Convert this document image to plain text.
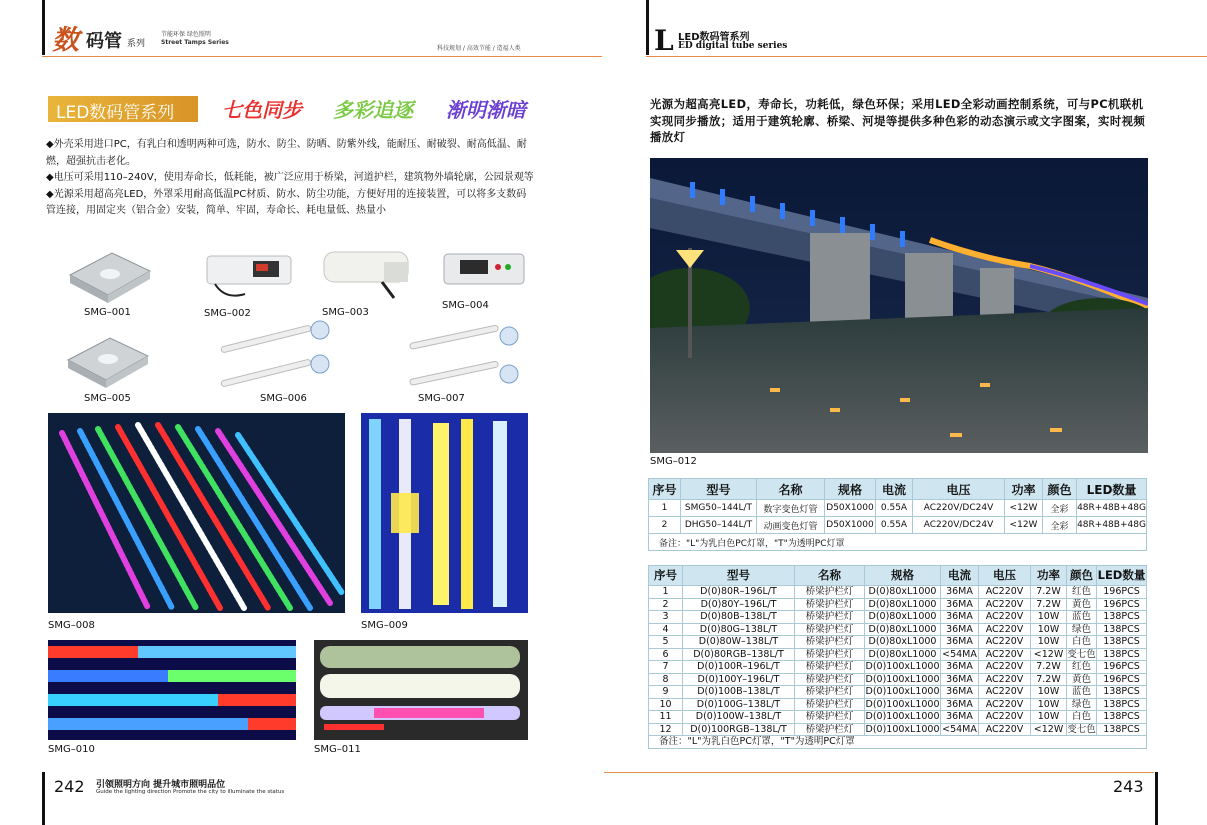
数 码管 系列
节能环保 绿色照明
Street Tamps Series
科技规划 / 高效节能 / 造福人类	L LED数码管系列
ED digital tube series
LED数码管系列 七色同步 多彩追逐 渐明渐暗

◆外壳采用进口PC，有乳白和透明两种可选，防水、防尘、防晒、防紫外线，能耐压、耐破裂、耐高低温、耐燃，超强抗击老化。

◆电压可采用110–240V，使用寿命长，低耗能，被广泛应用于桥梁，河道护栏，建筑物外墙轮廓，公园景观等

◆光源采用超高亮LED，外罩采用耐高低温PC材质、防水、防尘功能，方便好用的连接装置，可以将多支数码管连接，用固定夹（铝合金）安装，简单、牢固，寿命长、耗电量低、热量小

SMG–001	SMG–002	SMG–003
SMG–004
SMG–005	SMG–006	SMG–007
SMG–008	SMG–009
SMG–010	SMG–011
光源为超高亮LED，寿命长，功耗低，绿色环保；采用LED全彩动画控制系统，可与PC机联机实现同步播放；适用于建筑轮廓、桥梁、河堤等提供多种色彩的动态演示或文字图案，实时视频播放灯
SMG–012
序号	型号	名称	规格	电流	电压	功率	颜色	LED数量
1	SMG50–144L/T	数字变色灯管	D50X1000	0.55A	AC220V/DC24V	<12W	全彩	48R+48B+48G
2	DHG50–144L/T	动画变色灯管	D50X1000	0.55A	AC220V/DC24V	<12W	全彩	48R+48B+48G
备注："L"为乳白色PC灯罩，"T"为透明PC灯罩								
序号	型号	名称	规格	电流	电压	功率	颜色	LED数量
1	D(0)80R–196L/T	桥梁护栏灯	D(0)80xL1000	36MA	AC220V	7.2W	红色	196PCS
2	D(0)80Y–196L/T	桥梁护栏灯	D(0)80xL1000	36MA	AC220V	7.2W	黄色	196PCS
3	D(0)80B–138L/T	桥梁护栏灯	D(0)80xL1000	36MA	AC220V	10W	蓝色	138PCS
4	D(0)80G–138L/T	桥梁护栏灯	D(0)80xL1000	36MA	AC220V	10W	绿色	138PCS
5	D(0)80W–138L/T	桥梁护栏灯	D(0)80xL1000	36MA	AC220V	10W	白色	138PCS
6	D(0)80RGB–138L/T	桥梁护栏灯	D(0)80xL1000	<54MA	AC220V	<12W	变七色	138PCS
7	D(0)100R–196L/T	桥梁护栏灯	D(0)100xL1000	36MA	AC220V	7.2W	红色	196PCS
8	D(0)100Y–196L/T	桥梁护栏灯	D(0)100xL1000	36MA	AC220V	7.2W	黄色	196PCS
9	D(0)100B–138L/T	桥梁护栏灯	D(0)100xL1000	36MA	AC220V	10W	蓝色	138PCS
10	D(0)100G–138L/T	桥梁护栏灯	D(0)100xL1000	36MA	AC220V	10W	绿色	138PCS
11	D(0)100W–138L/T	桥梁护栏灯	D(0)100xL1000	36MA	AC220V	10W	白色	138PCS
12	D(0)100RGB–138L/T	桥梁护栏灯	D(0)100xL1000	<54MA	AC220V	<12W	变七色	138PCS
备注："L"为乳白色PC灯罩，"T"为透明PC灯罩								
242 引领照明方向 提升城市照明品位
Guide the lighting direction Promote the city to illuminate the status	243
